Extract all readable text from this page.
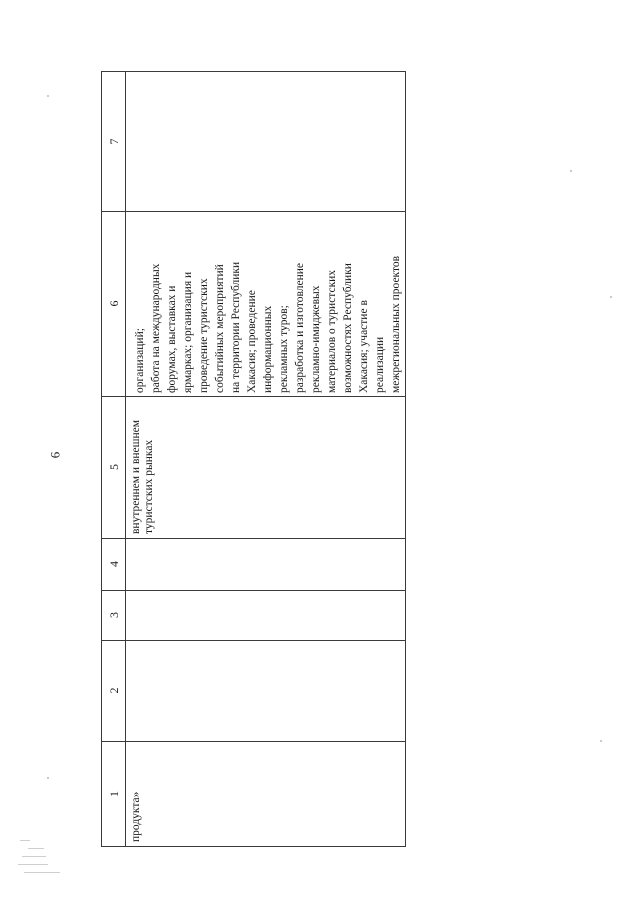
6
1
2
3
4
5
6
7
продукта»
внутреннем и внешнем туристских рынках
организаций; работа на международных форумах, выставках и ярмарках; организация и проведение туристских событийных мероприятий на территории Республики Хакасия; проведение информационных рекламных туров; разработка и изготовление рекламно-имиджевых материалов о туристских возможностях Республики Хакасия; участие в реализации межрегиональных проектов
